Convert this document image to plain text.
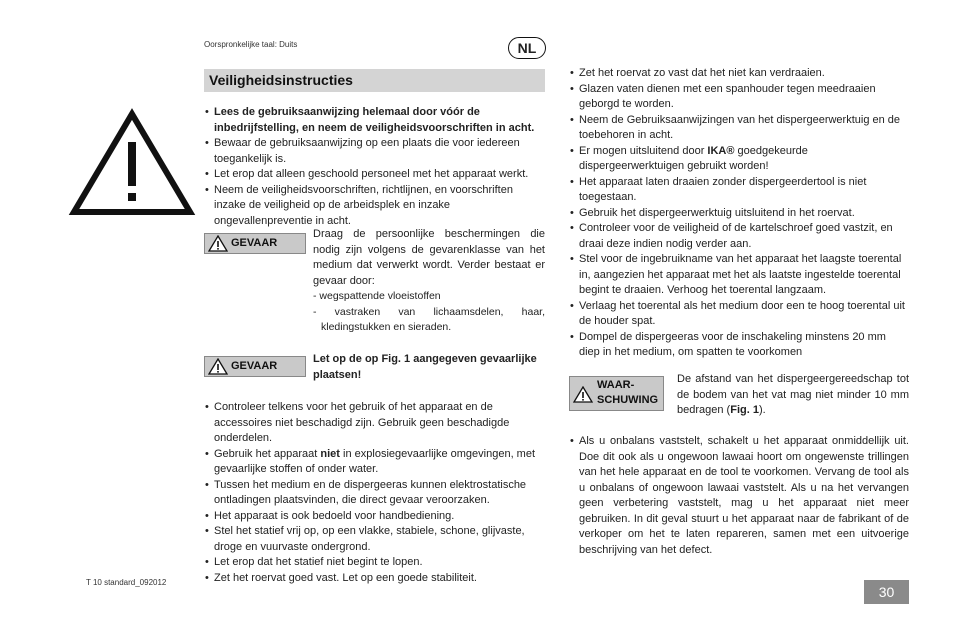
Oorspronkelijke taal: Duits	NL
Veiligheidsinstructies
• Lees de gebruiksaanwijzing helemaal door vóór de inbedrijfstelling, en neem de veiligheidsvoorschriften in acht.
• Bewaar de gebruiksaanwijzing op een plaats die voor iedereen toegankelijk is.
• Let erop dat alleen geschoold personeel met het apparaat werkt.
• Neem de veiligheidsvoorschriften, richtlijnen, en voorschriften inzake de veiligheid op de arbeidsplek en inzake ongevallenpreventie in acht.
GEVAAR
Draag de persoonlijke beschermingen die nodig zijn volgens de gevarenklasse van het medium dat verwerkt wordt. Verder bestaat er gevaar door:
- wegspattende vloeistoffen
- vastraken van lichaamsdelen, haar, kledingstukken en sieraden.
GEVAAR
Let op de op Fig. 1 aangegeven gevaarlijke plaatsen!
• Controleer telkens voor het gebruik of het apparaat en de accessoires niet beschadigd zijn. Gebruik geen beschadigde onderdelen.
• Gebruik het apparaat niet in explosiegevaarlijke omgevingen, met gevaarlijke stoffen of onder water.
• Tussen het medium en de dispergeeras kunnen elektrostatische ontladingen plaatsvinden, die direct gevaar veroorzaken.
• Het apparaat is ook bedoeld voor handbediening.
• Stel het statief vrij op, op een vlakke, stabiele, schone, glijvaste, droge en vuurvaste ondergrond.
• Let erop dat het statief niet begint te lopen.
• Zet het roervat goed vast. Let op een goede stabiliteit.
• Zet het roervat zo vast dat het niet kan verdraaien.
• Glazen vaten dienen met een spanhouder tegen meedraaien geborgd te worden.
• Neem de Gebruiksaanwijzingen van het dispergeerwerktuig en de toebehoren in acht.
• Er mogen uitsluitend door IKA® goedgekeurde dispergeerwerktuigen gebruikt worden!
• Het apparaat laten draaien zonder dispergeerdertool is niet toegestaan.
• Gebruik het dispergeerwerktuig uitsluitend in het roervat.
• Controleer voor de veiligheid of de kartelschroef goed vastzit, en draai deze indien nodig verder aan.
• Stel voor de ingebruikname van het apparaat het laagste toerental in, aangezien het apparaat met het als laatste ingestelde toerental begint te draaien. Verhoog het toerental langzaam.
• Verlaag het toerental als het medium door een te hoog toerental uit de houder spat.
• Dompel de dispergeeras voor de inschakeling minstens 20 mm diep in het medium, om spatten te voorkomen
WAAR-
SCHUWING
De afstand van het dispergeergereedschap tot de bodem van het vat mag niet minder 10 mm bedragen (Fig. 1).
• Als u onbalans vaststelt, schakelt u het apparaat onmiddellijk uit. Doe dit ook als u ongewoon lawaai hoort om ongewenste trillingen van het hele apparaat en de tool te voorkomen. Vervang de tool als u onbalans of ongewoon lawaai vaststelt. Als u na het vervangen geen verbetering vaststelt, mag u het apparaat niet meer gebruiken. In dit geval stuurt u het apparaat naar de fabrikant of de verkoper om het te laten repareren, samen met een uitvoerige beschrijving van het defect.
T 10 standard_092012
30
